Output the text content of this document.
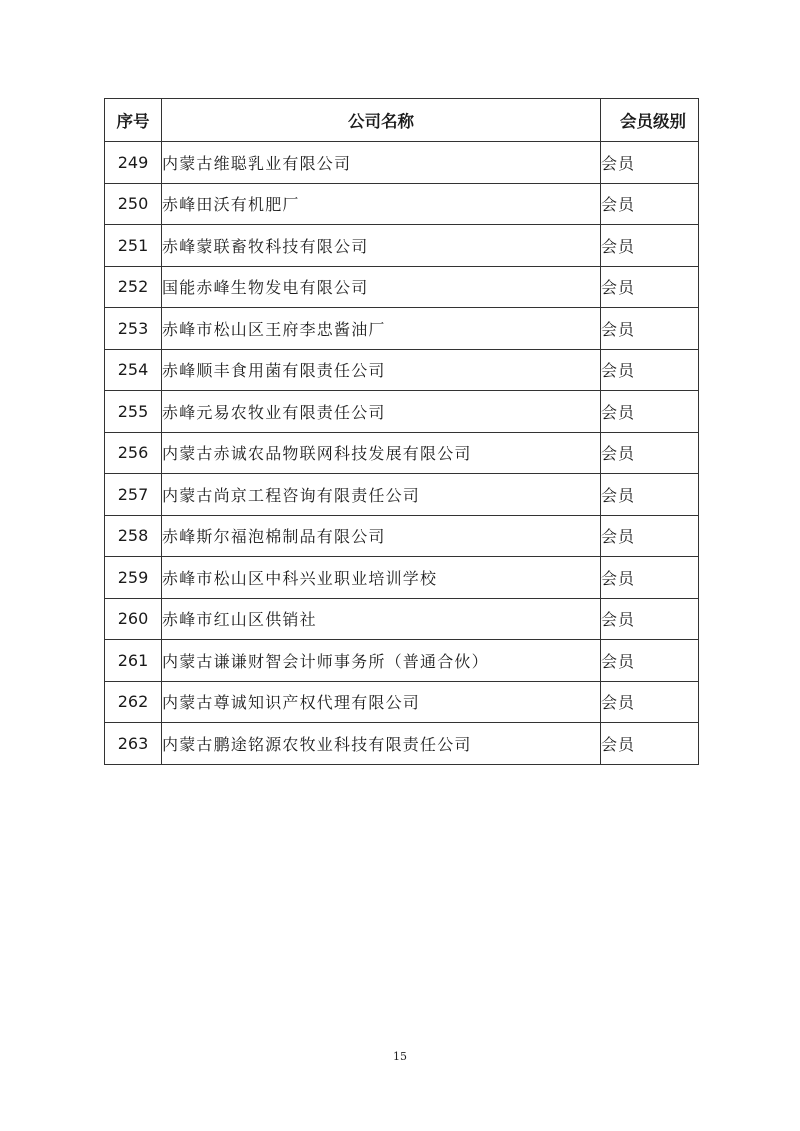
序号	公司名称	会员级别
249	内蒙古维聪乳业有限公司	会员
250	赤峰田沃有机肥厂	会员
251	赤峰蒙联畜牧科技有限公司	会员
252	国能赤峰生物发电有限公司	会员
253	赤峰市松山区王府李忠酱油厂	会员
254	赤峰顺丰食用菌有限责任公司	会员
255	赤峰元易农牧业有限责任公司	会员
256	内蒙古赤诚农品物联网科技发展有限公司	会员
257	内蒙古尚京工程咨询有限责任公司	会员
258	赤峰斯尔福泡棉制品有限公司	会员
259	赤峰市松山区中科兴业职业培训学校	会员
260	赤峰市红山区供销社	会员
261	内蒙古谦谦财智会计师事务所（普通合伙）	会员
262	内蒙古尊诚知识产权代理有限公司	会员
263	内蒙古鹏途铭源农牧业科技有限责任公司	会员
15
